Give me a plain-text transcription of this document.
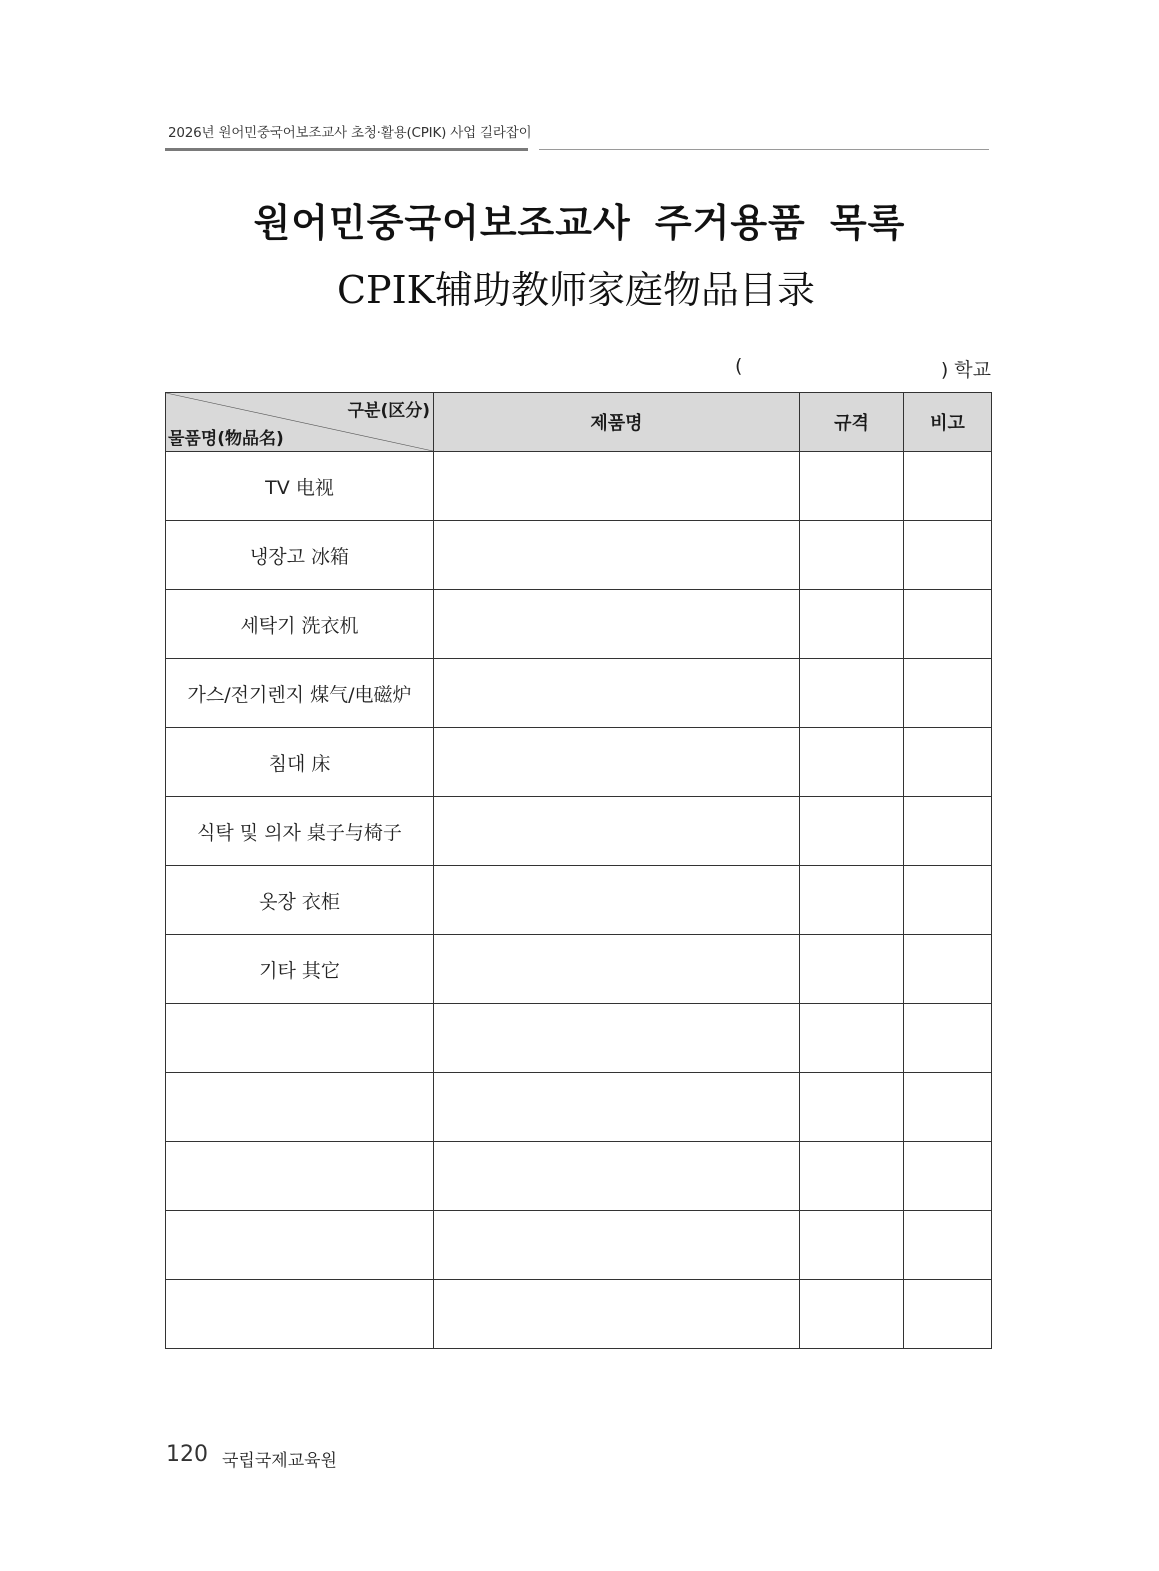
2026년 원어민중국어보조교사 초청·활용(CPIK) 사업 길라잡이
원어민중국어보조교사 주거용품 목록
CPIK辅助教师家庭物品目录
(	) 학교
구분(区分)
물품명(物品名)	제품명	규격	비고
TV 电视			
냉장고 冰箱			
세탁기 洗衣机			
가스/전기렌지 煤气/电磁炉			
침대 床			
식탁 및 의자 桌子与椅子			
옷장 衣柜			
기타 其它			

120 국립국제교육원
